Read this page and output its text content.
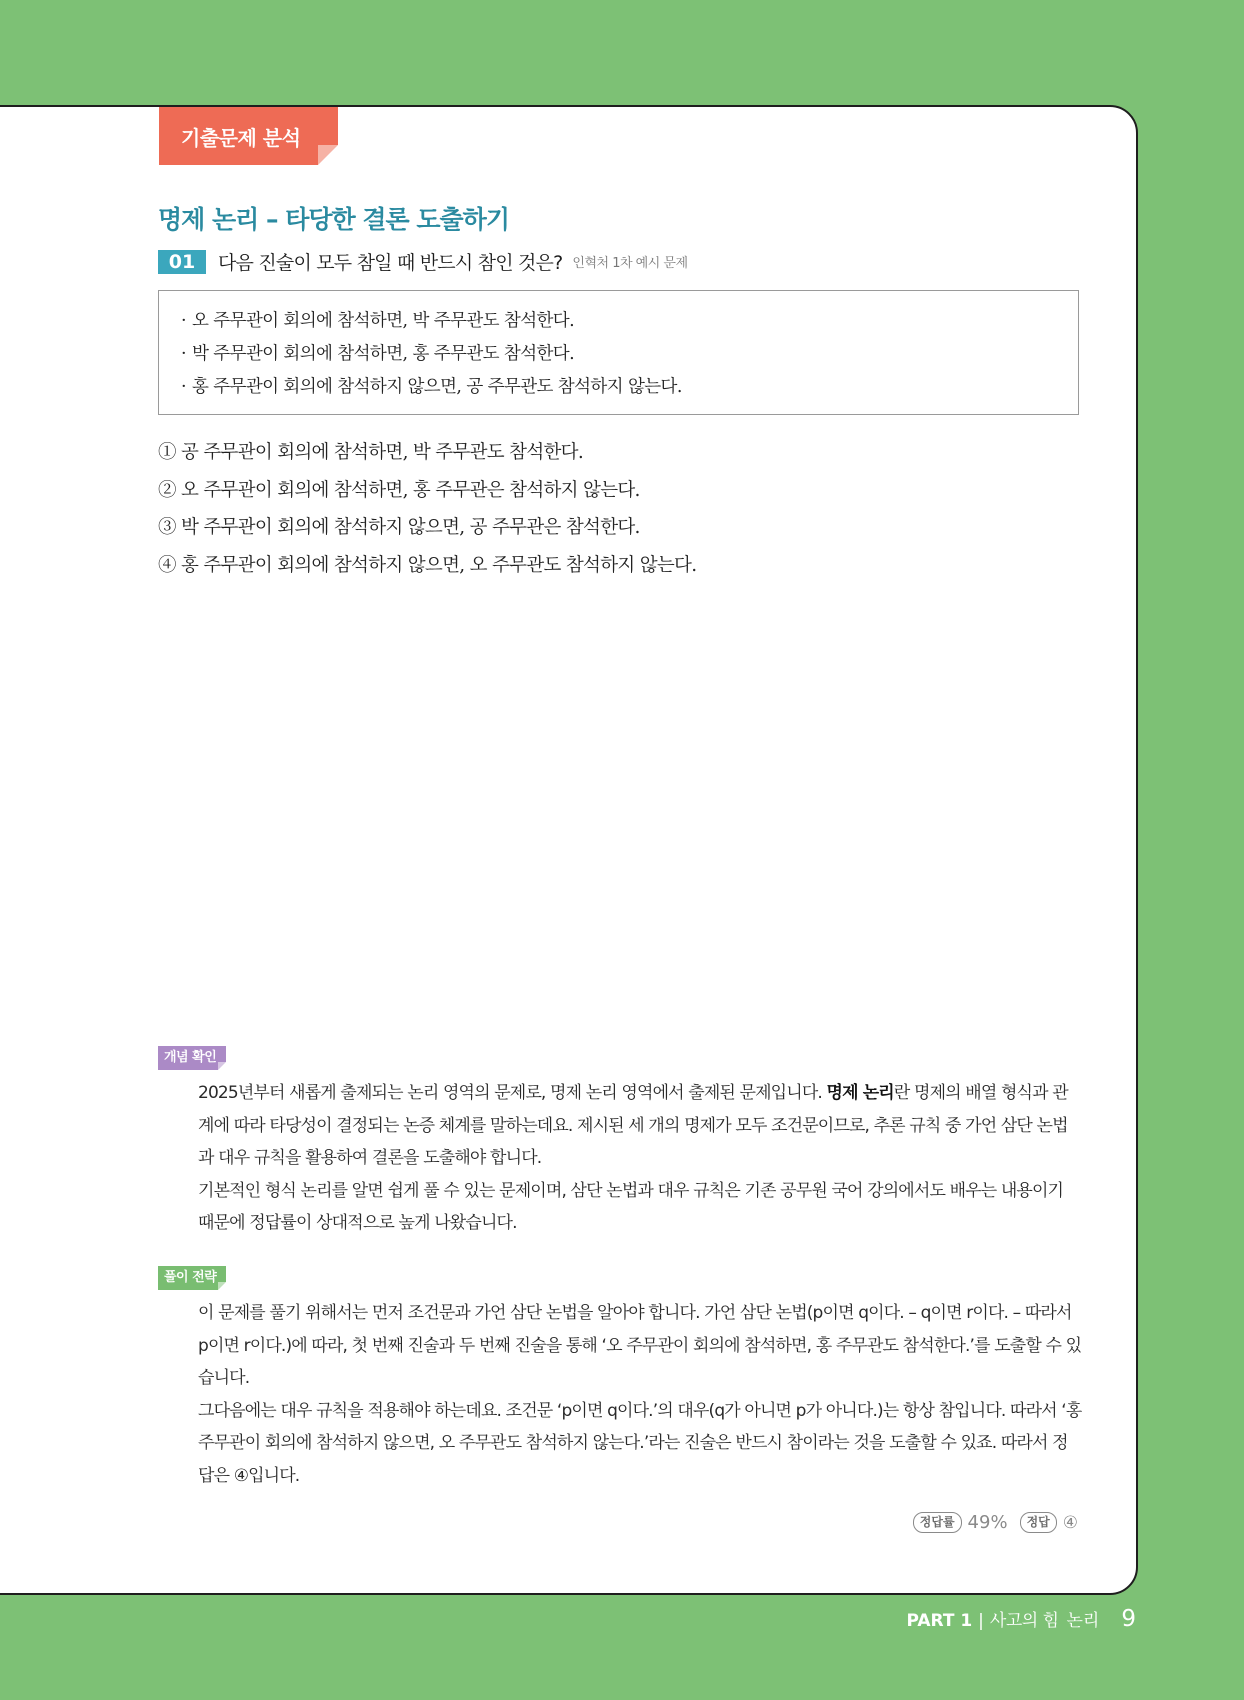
기출문제 분석
명제 논리 – 타당한 결론 도출하기
01	다음 진술이 모두 참일 때 반드시 참인 것은? 인혁처 1차 예시 문제
· 오 주무관이 회의에 참석하면, 박 주무관도 참석한다.
· 박 주무관이 회의에 참석하면, 홍 주무관도 참석한다.
· 홍 주무관이 회의에 참석하지 않으면, 공 주무관도 참석하지 않는다.
① 공 주무관이 회의에 참석하면, 박 주무관도 참석한다.
② 오 주무관이 회의에 참석하면, 홍 주무관은 참석하지 않는다.
③ 박 주무관이 회의에 참석하지 않으면, 공 주무관은 참석한다.
④ 홍 주무관이 회의에 참석하지 않으면, 오 주무관도 참석하지 않는다.
개념 확인

2025년부터 새롭게 출제되는 논리 영역의 문제로, 명제 논리 영역에서 출제된 문제입니다. 명제 논리란 명제의 배열 형식과 관계에 따라 타당성이 결정되는 논증 체계를 말하는데요. 제시된 세 개의 명제가 모두 조건문이므로, 추론 규칙 중 가언 삼단 논법과 대우 규칙을 활용하여 결론을 도출해야 합니다.

기본적인 형식 논리를 알면 쉽게 풀 수 있는 문제이며, 삼단 논법과 대우 규칙은 기존 공무원 국어 강의에서도 배우는 내용이기 때문에 정답률이 상대적으로 높게 나왔습니다.

풀이 전략

이 문제를 풀기 위해서는 먼저 조건문과 가언 삼단 논법을 알아야 합니다. 가언 삼단 논법(p이면 q이다. – q이면 r이다. – 따라서 p이면 r이다.)에 따라, 첫 번째 진술과 두 번째 진술을 통해 ‘오 주무관이 회의에 참석하면, 홍 주무관도 참석한다.’를 도출할 수 있습니다.

그다음에는 대우 규칙을 적용해야 하는데요. 조건문 ‘p이면 q이다.’의 대우(q가 아니면 p가 아니다.)는 항상 참입니다. 따라서 ‘홍 주무관이 회의에 참석하지 않으면, 오 주무관도 참석하지 않는다.’라는 진술은 반드시 참이라는 것을 도출할 수 있죠. 따라서 정답은 ④입니다.

정답률 49%	정답 ④
PART 1 | 사고의 힘 논리 9
